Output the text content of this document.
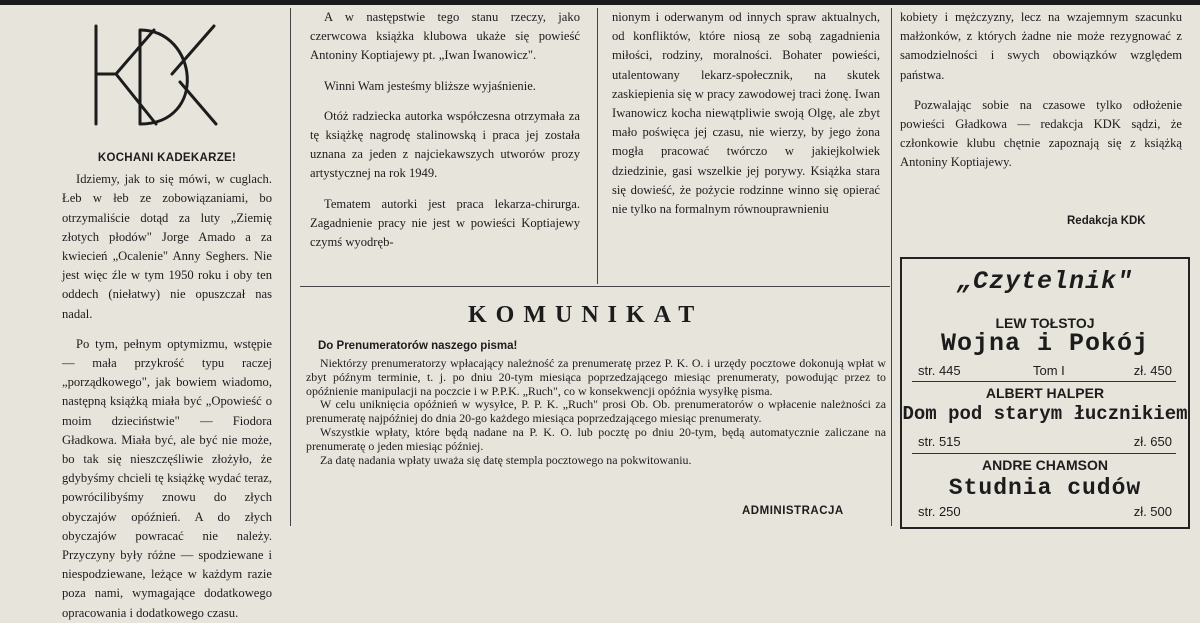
KOCHANI KADEKARZE!

Idziemy, jak to się mówi, w cuglach. Łeb w łeb ze zobowiązaniami, bo otrzymaliście dotąd za luty „Ziemię złotych płodów" Jorge Amado a za kwiecień „Ocalenie" Anny Seghers. Nie jest więc źle w tym 1950 roku i oby ten oddech (niełatwy) nie opuszczał nas nadal.

Po tym, pełnym optymizmu, wstępie — mała przykrość typu raczej „porządkowego", jak bowiem wiadomo, następną książką miała być „Opowieść o moim dzieciństwie" — Fiodora Gładkowa. Miała być, ale być nie może, bo tak się nieszczęśliwie złożyło, że gdybyśmy chcieli tę książkę wydać teraz, powrócilibyśmy znowu do złych obyczajów opóźnień. A do złych obyczajów powracać nie należy. Przyczyny były różne — spodziewane i niespodziewane, leżące w każdym razie poza nami, wymagające dodatkowego opracowania i dodatkowego czasu.

A w następstwie tego stanu rzeczy, jako czerwcowa książka klubowa ukaże się powieść Antoniny Koptiajewy pt. „Iwan Iwanowicz".

Winni Wam jesteśmy bliższe wyjaśnienie.

Otóż radziecka autorka współczesna otrzymała za tę książkę nagrodę stalinowską i praca jej została uznana za jeden z najciekawszych utworów prozy artystycznej na rok 1949.

Tematem autorki jest praca lekarza-chirurga. Zagadnienie pracy nie jest w powieści Koptiajewy czymś wyodręb-

nionym i oderwanym od innych spraw aktualnych, od konfliktów, które niosą ze sobą zagadnienia miłości, rodziny, moralności. Bohater powieści, utalentowany lekarz-społecznik, na skutek zaskiepienia się w pracy zawodowej traci żonę. Iwan Iwanowicz kocha niewątpliwie swoją Olgę, ale zbyt mało poświęca jej czasu, nie wierzy, by jego żona mogła pracować twórczo w jakiejkolwiek dziedzinie, gasi wszelkie jej porywy. Książka stara się dowieść, że pożycie rodzinne winno się opierać nie tylko na formalnym równouprawnieniu

kobiety i mężczyzny, lecz na wzajemnym szacunku małżonków, z których żadne nie może rezygnować z samodzielności i swych obowiązków względem państwa.

Pozwalając sobie na czasowe tylko odłożenie powieści Gładkowa — redakcja KDK sądzi, że członkowie klubu chętnie zapoznają się z książką Antoniny Koptiajewy.

Redakcja KDK
KOMUNIKAT
Do Prenumeratorów naszego pisma!

Niektórzy prenumeratorzy wpłacający należność za prenumeratę przez P. K. O. i urzędy pocztowe dokonują wpłat w zbyt późnym terminie, t. j. po dniu 20-tym miesiąca poprzedzającego miesiąc prenumeraty, powodując przez to opóźnienie manipulacji na poczcie i w P.P.K. „Ruch", co w konsekwencji opóźnia wysyłkę pisma.

W celu uniknięcia opóźnień w wysyłce, P. P. K. „Ruch" prosi Ob. Ob. prenumeratorów o wpłacenie należności za prenumeratę najpóźniej do dnia 20-go każdego miesiąca poprzedzającego miesiąc prenumeraty.

Wszystkie wpłaty, które będą nadane na P. K. O. lub pocztę po dniu 20-tym, będą automatycznie zaliczane na prenumeratę o jeden miesiąc później.

Za datę nadania wpłaty uważa się datę stempla pocztowego na pokwitowaniu.

ADMINISTRACJA
„Czytelnik"
LEW TOŁSTOJ
Wojna i Pokój
str. 445	Tom I	zł. 450
ALBERT HALPER
Dom pod starym łucznikiem
str. 515	zł. 650
ANDRE CHAMSON
Studnia cudów
str. 250	zł. 500
